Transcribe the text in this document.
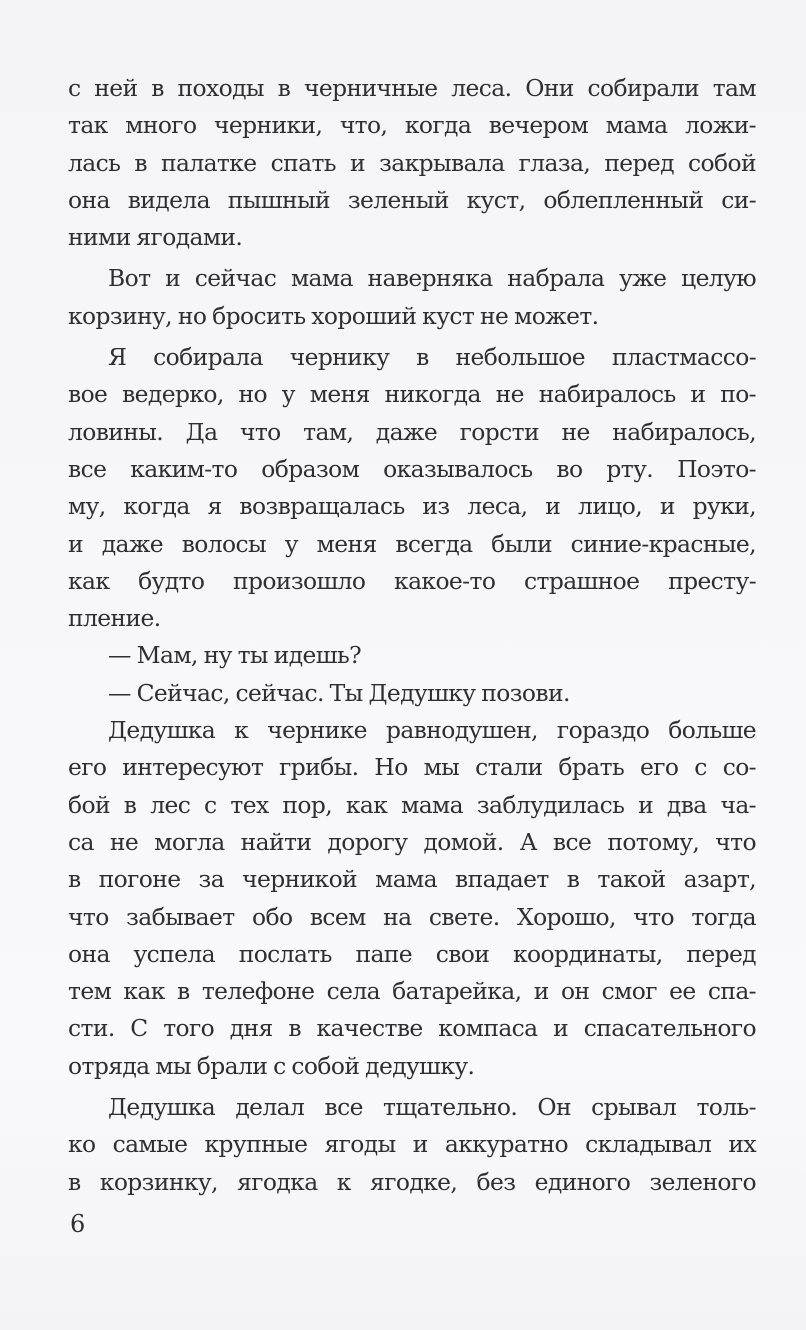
с ней в походы в черничные леса. Они собирали там
так много черники, что, когда вечером мама ложи-
лась в палатке спать и закрывала глаза, перед собой
она видела пышный зеленый куст, облепленный си-
ними ягодами.
Вот и сейчас мама наверняка набрала уже целую
корзину, но бросить хороший куст не может.
Я собирала чернику в небольшое пластмассо-
вое ведерко, но у меня никогда не набиралось и по-
ловины. Да что там, даже горсти не набиралось,
все каким-то образом оказывалось во рту. Поэто-
му, когда я возвращалась из леса, и лицо, и руки,
и даже волосы у меня всегда были синие-красные,
как будто произошло какое-то страшное престу-
пление.
— Мам, ну ты идешь?
— Сейчас, сейчас. Ты Дедушку позови.
Дедушка к чернике равнодушен, гораздо больше
его интересуют грибы. Но мы стали брать его с со-
бой в лес с тех пор, как мама заблудилась и два ча-
са не могла найти дорогу домой. А все потому, что
в погоне за черникой мама впадает в такой азарт,
что забывает обо всем на свете. Хорошо, что тогда
она успела послать папе свои координаты, перед
тем как в телефоне села батарейка, и он смог ее спа-
сти. С того дня в качестве компаса и спасательного
отряда мы брали с собой дедушку.
Дедушка делал все тщательно. Он срывал толь-
ко самые крупные ягоды и аккуратно складывал их
в корзинку, ягодка к ягодке, без единого зеленого
6
